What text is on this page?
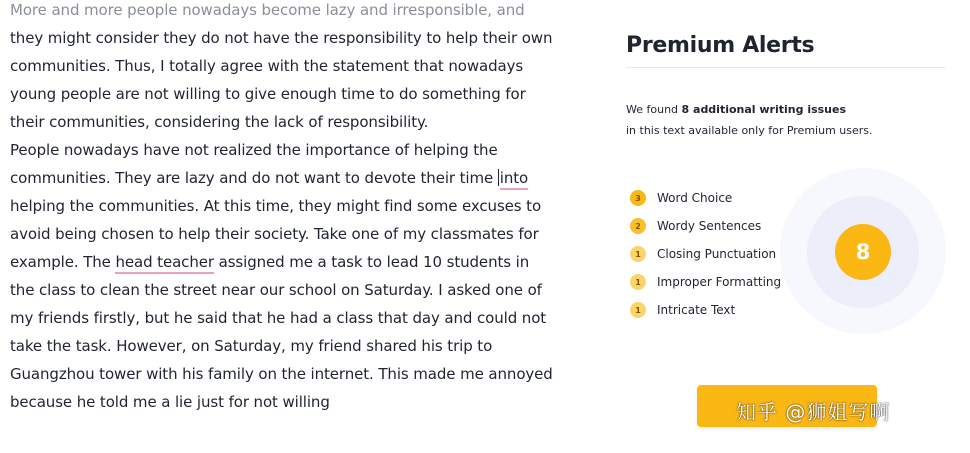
More and more people nowadays become lazy and irresponsible, and
they might consider they do not have the responsibility to help their own
communities. Thus, I totally agree with the statement that nowadays
young people are not willing to give enough time to do something for
their communities, considering the lack of responsibility.
People nowadays have not realized the importance of helping the
communities. They are lazy and do not want to devote their time into
helping the communities. At this time, they might find some excuses to
avoid being chosen to help their society. Take one of my classmates for
example. The head teacher assigned me a task to lead 10 students in
the class to clean the street near our school on Saturday. I asked one of
my friends firstly, but he said that he had a class that day and could not
take the task. However, on Saturday, my friend shared his trip to
Guangzhou tower with his family on the internet. This made me annoyed
because he told me a lie just for not willing
Premium Alerts
We found 8 additional writing issues
in this text available only for Premium users.
8
3	Word Choice
2	Wordy Sentences
1	Closing Punctuation
1	Improper Formatting
1	Intricate Text
知乎 @狮姐写啊
